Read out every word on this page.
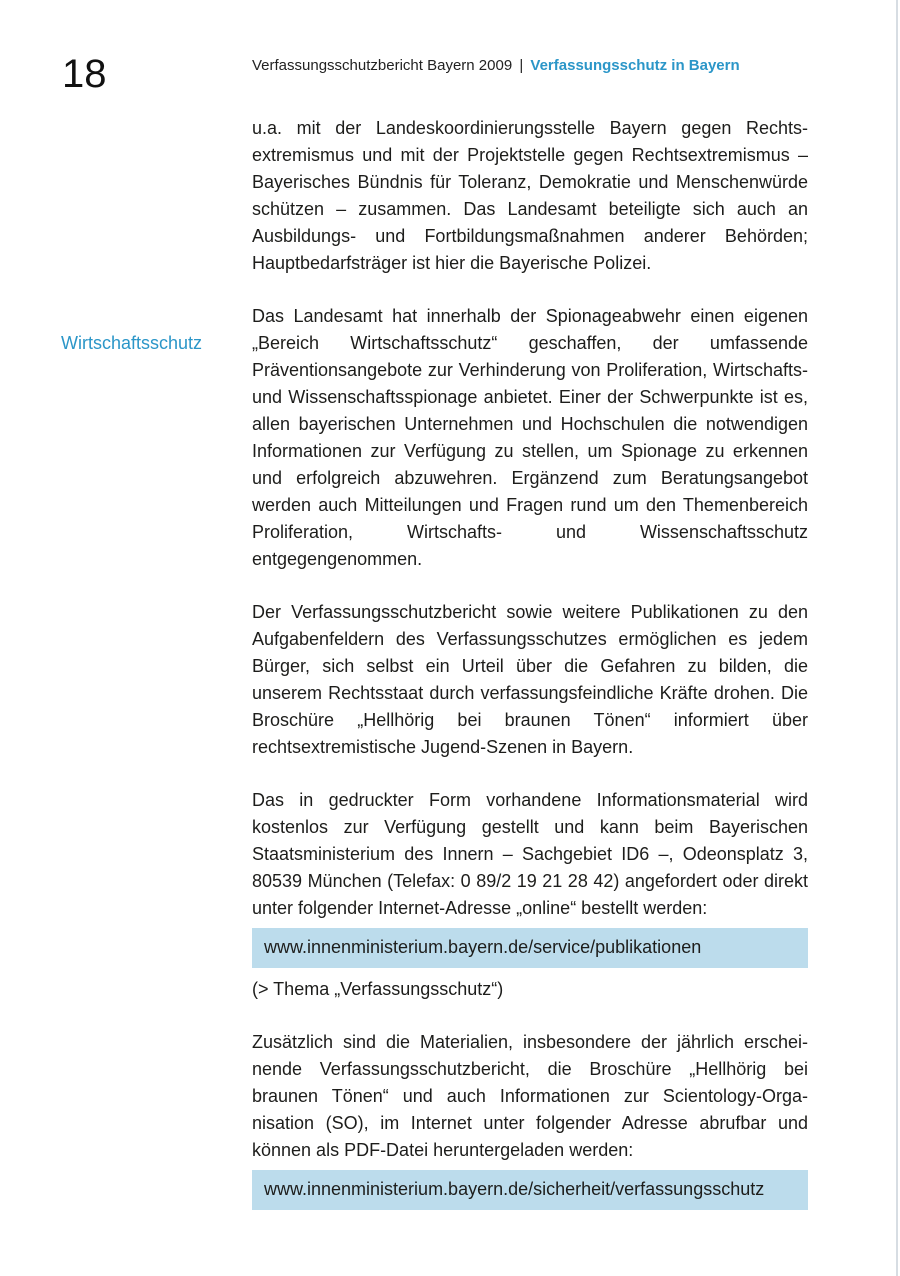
18	Verfassungsschutzbericht Bayern 2009 | Verfassungsschutz in Bayern
Wirtschaftsschutz

u.a. mit der Landeskoordinierungsstelle Bayern gegen Rechtsextremismus und mit der Projektstelle gegen Rechtsextremismus – Bayerisches Bündnis für Toleranz, Demokratie und Menschenwürde schützen – zusammen. Das Landesamt beteiligte sich auch an Ausbildungs- und Fortbildungsmaßnahmen anderer Behörden; Hauptbedarfsträger ist hier die Bayerische Polizei.

Das Landesamt hat innerhalb der Spionageabwehr einen eigenen „Bereich Wirtschaftsschutz“ geschaffen, der umfassende Präventionsangebote zur Verhinderung von Proliferation, Wirtschafts- und Wissenschaftsspionage anbietet. Einer der Schwerpunkte ist es, allen bayerischen Unternehmen und Hochschulen die notwendigen Informationen zur Verfügung zu stellen, um Spionage zu erkennen und erfolgreich abzuwehren. Ergänzend zum Beratungsangebot werden auch Mitteilungen und Fragen rund um den Themenbereich Proliferation, Wirtschafts- und Wissenschaftsschutz entgegengenommen.

Der Verfassungsschutzbericht sowie weitere Publikationen zu den Aufgabenfeldern des Verfassungsschutzes ermöglichen es jedem Bürger, sich selbst ein Urteil über die Gefahren zu bilden, die unserem Rechtsstaat durch verfassungsfeindliche Kräfte drohen. Die Broschüre „Hellhörig bei braunen Tönen“ informiert über rechtsextremistische Jugend-Szenen in Bayern.

Das in gedruckter Form vorhandene Informationsmaterial wird kostenlos zur Verfügung gestellt und kann beim Bayerischen Staatsministerium des Innern – Sachgebiet ID6 –, Odeonsplatz 3, 80539 München (Telefax: 0 89/2 19 21 28 42) angefordert oder direkt unter folgender Internet-Adresse „online“ bestellt werden:

www.innenministerium.bayern.de/service/publikationen

(> Thema „Verfassungsschutz“)

Zusätzlich sind die Materialien, insbesondere der jährlich erscheinende Verfassungsschutzbericht, die Broschüre „Hellhörig bei braunen Tönen“ und auch Informationen zur Scientology-Organisation (SO), im Internet unter folgender Adresse abrufbar und können als PDF-Datei heruntergeladen werden:

www.innenministerium.bayern.de/sicherheit/verfassungsschutz
